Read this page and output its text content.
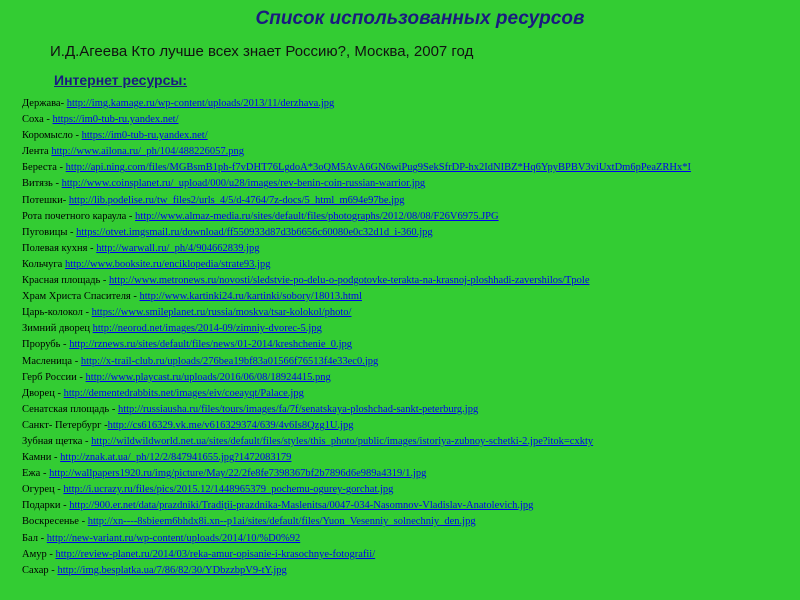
Список использованных ресурсов
И.Д.Агеева Кто лучше всех знает Россию?, Москва, 2007 год
Интернет ресурсы:
Держава- http://img.kamage.ru/wp-content/uploads/2013/11/derzhava.jpg
Соха - https://im0-tub-ru.yandex.net/
Коромысло - https://im0-tub-ru.yandex.net/
Лента http://www.ailona.ru/_ph/104/488226057.png
Береста - http://api.ning.com/files/MGBsmB1ph-f7vDHT76LgdoA*3oQM5AvA6GN6wiPug9SekSfrDP-hx2IdNIBZ*Hq6YpyBPBV3viUxtDm6pPeaZRHx*I
Витязь - http://www.coinsplanet.ru/_upload/000/u28/images/rev-benin-coin-russian-warrior.jpg
Потешки- http://lib.podelise.ru/tw_files2/urls_4/5/d-4764/7z-docs/5_html_m694e97be.jpg
Рота почетного караула - http://www.almaz-media.ru/sites/default/files/photographs/2012/08/08/F26V6975.JPG
Пуговицы - https://otvet.imgsmail.ru/download/ff550933d87d3b6656c60080e0c32d1d_i-360.jpg
Полевая кухня - http://warwall.ru/_ph/4/904662839.jpg
Кольчуга http://www.booksite.ru/enciklopedia/strate93.jpg
Красная площадь - http://www.metronews.ru/novosti/sledstvie-po-delu-o-podgotovke-terakta-na-krasnoj-ploshhadi-zavershilos/Tpole
Храм Христа Спасителя - http://www.kartinki24.ru/kartinki/sobory/18013.html
Царь-колокол - https://www.smileplanet.ru/russia/moskva/tsar-kolokol/photo/
Зимний дворец http://neorod.net/images/2014-09/zimniy-dvorec-5.jpg
Прорубь - http://rznews.ru/sites/default/files/news/01-2014/kreshchenie_0.jpg
Масленица - http://x-trail-club.ru/uploads/276bea19bf83a01566f76513f4e33ec0.jpg
Герб России - http://www.playcast.ru/uploads/2016/06/08/18924415.png
Дворец - http://dementedrabbits.net/images/eiv/coeayqt/Palace.jpg
Сенатская площадь - http://russiausha.ru/files/tours/images/fa/7f/senatskaya-ploshchad-sankt-peterburg.jpg
Санкт- Петербург -http://cs616329.vk.me/v616329374/639/4v6Is8Qzg1U.jpg
Зубная щетка - http://wildwildworld.net.ua/sites/default/files/styles/this_photo/public/images/istoriya-zubnoy-schetki-2.jpe?itok=cxkty
Камни - http://znak.at.ua/_ph/12/2/847941655.jpg?1472083179
Ежа - http://wallpapers1920.ru/img/picture/May/22/2fe8fe7398367bf2b7896d6e989a4319/1.jpg
Огурец - http://i.ucrazy.ru/files/pics/2015.12/1448965379_pochemu-ogurey-gorchat.jpg
Подарки - http://900.er.net/data/prazdniki/Tradiţii-prazdnika-Maslenitsa/0047-034-Nasomnov-Vladislav-Anatolevich.jpg
Воскресенье - http://xn----8sbieem6bhdx8i.xn--p1ai/sites/default/files/Yuon_Vesenniy_solnechniy_den.jpg
Бал - http://new-variant.ru/wp-content/uploads/2014/10/%D0%92
Амур - http://review-planet.ru/2014/03/reka-amur-opisanie-i-krasochnye-fotografii/
Сахар - http://img.besplatka.ua/7/86/82/30/YDbzzbpV9-tY.jpg
